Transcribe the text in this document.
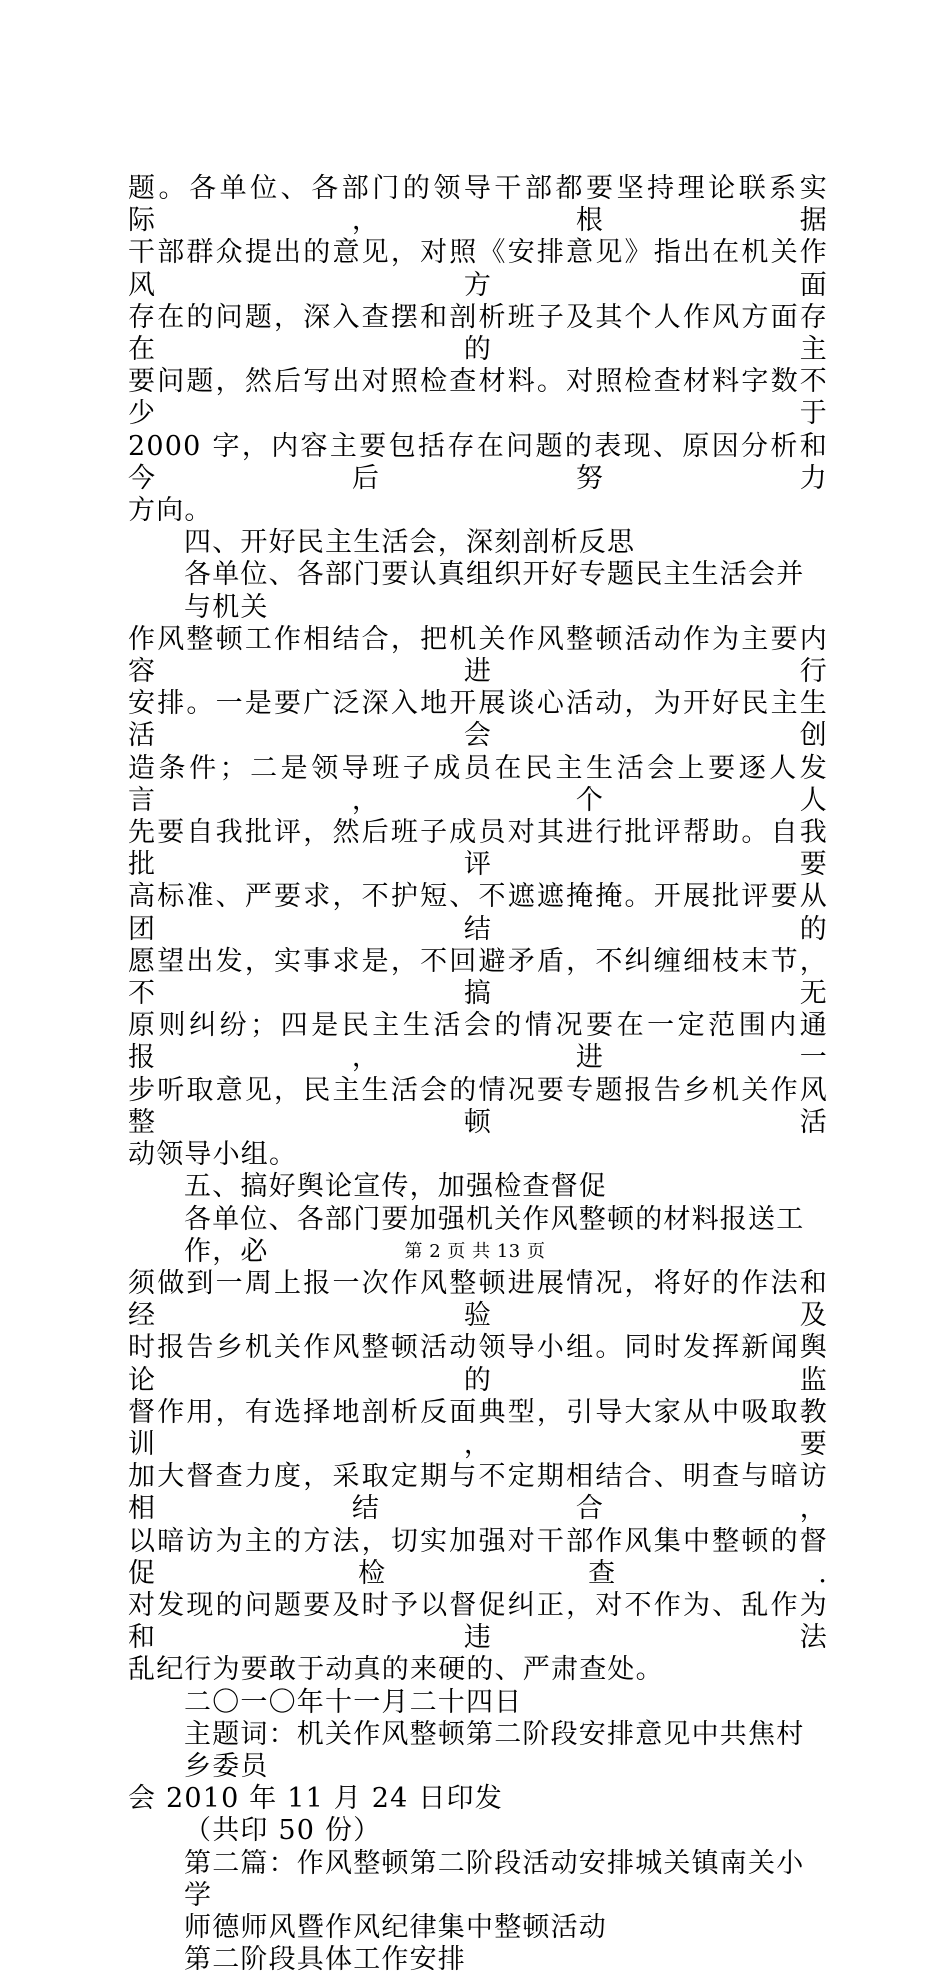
题。各单位、各部门的领导干部都要坚持理论联系实际，根据

干部群众提出的意见，对照《安排意见》指出在机关作风方面

存在的问题，深入查摆和剖析班子及其个人作风方面存在的主

要问题，然后写出对照检查材料。对照检查材料字数不少于

2000 字，内容主要包括存在问题的表现、原因分析和今后努力

方向。

四、开好民主生活会，深刻剖析反思

各单位、各部门要认真组织开好专题民主生活会并与机关

作风整顿工作相结合，把机关作风整顿活动作为主要内容进行

安排。一是要广泛深入地开展谈心活动，为开好民主生活会创

造条件；二是领导班子成员在民主生活会上要逐人发言，个人

先要自我批评，然后班子成员对其进行批评帮助。自我批评要

高标准、严要求，不护短、不遮遮掩掩。开展批评要从团结的

愿望出发，实事求是，不回避矛盾，不纠缠细枝末节，不搞无

原则纠纷；四是民主生活会的情况要在一定范围内通报，进一

步听取意见，民主生活会的情况要专题报告乡机关作风整顿活

动领导小组。

五、搞好舆论宣传，加强检查督促

各单位、各部门要加强机关作风整顿的材料报送工作，必

须做到一周上报一次作风整顿进展情况，将好的作法和经验及

时报告乡机关作风整顿活动领导小组。同时发挥新闻舆论的监

督作用，有选择地剖析反面典型，引导大家从中吸取教训，要

加大督查力度，采取定期与不定期相结合、明查与暗访相结合，

以暗访为主的方法，切实加强对干部作风集中整顿的督促检查.

对发现的问题要及时予以督促纠正，对不作为、乱作为和违法

乱纪行为要敢于动真的来硬的、严肃查处。

二〇一〇年十一月二十四日

主题词：机关作风整顿第二阶段安排意见中共焦村乡委员

会 2010 年 11 月 24 日印发

（共印 50 份）

第二篇：作风整顿第二阶段活动安排城关镇南关小学

师德师风暨作风纪律集中整顿活动

第二阶段具体工作安排

第 2 页 共 13 页
